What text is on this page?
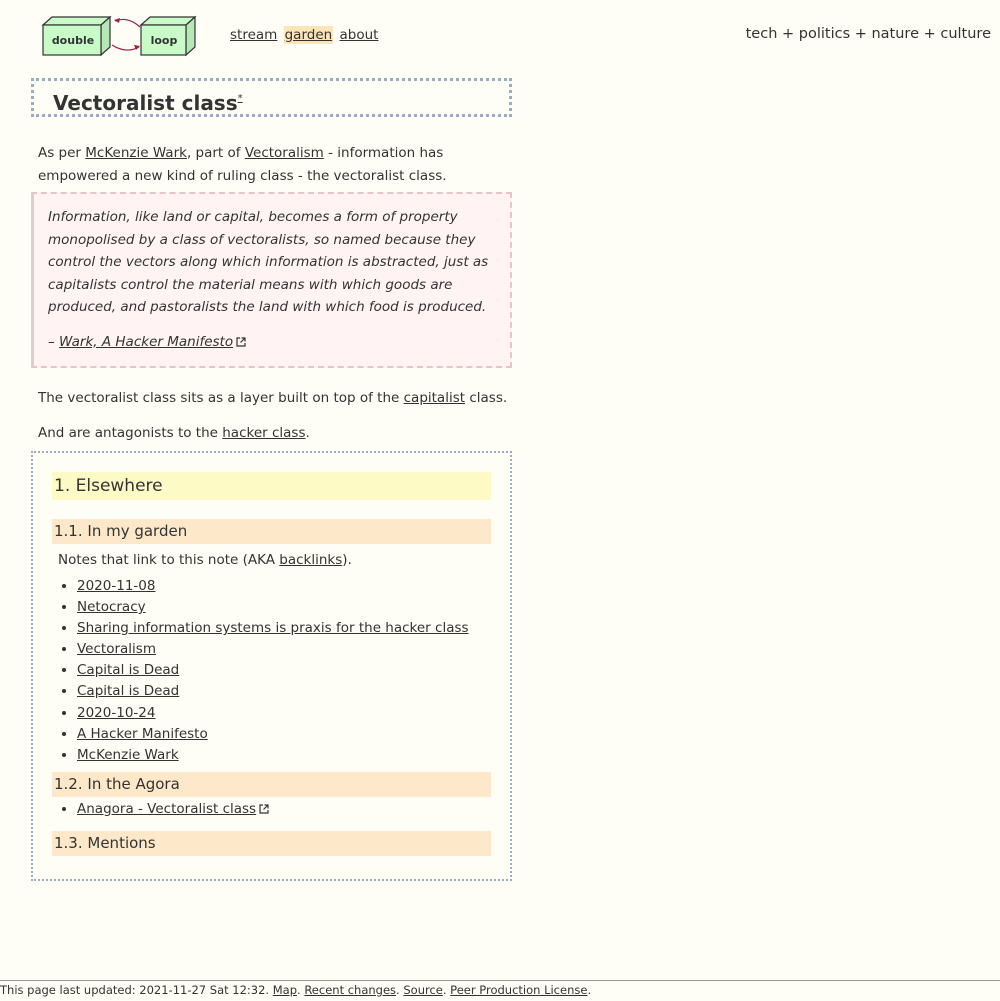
double	loop	stream garden about	tech + politics + nature + culture
Vectoralist class*

As per McKenzie Wark, part of Vectoralism - information has empowered a new kind of ruling class - the vectoralist class.

Information, like land or capital, becomes a form of property monopolised by a class of vectoralists, so named because they control the vectors along which information is abstracted, just as capitalists control the material means with which goods are produced, and pastoralists the land with which food is produced.
– Wark, A Hacker Manifesto

The vectoralist class sits as a layer built on top of the capitalist class.

And are antagonists to the hacker class.

1. Elsewhere
1.1. In my garden
Notes that link to this note (AKA backlinks).
• 2020-11-08
• Netocracy
• Sharing information systems is praxis for the hacker class
• Vectoralism
• Capital is Dead
• Capital is Dead
• 2020-10-24
• A Hacker Manifesto
• McKenzie Wark
1.2. In the Agora
• Anagora - Vectoralist class
1.3. Mentions
This page last updated: 2021-11-27 Sat 12:32. Map. Recent changes. Source. Peer Production License.
